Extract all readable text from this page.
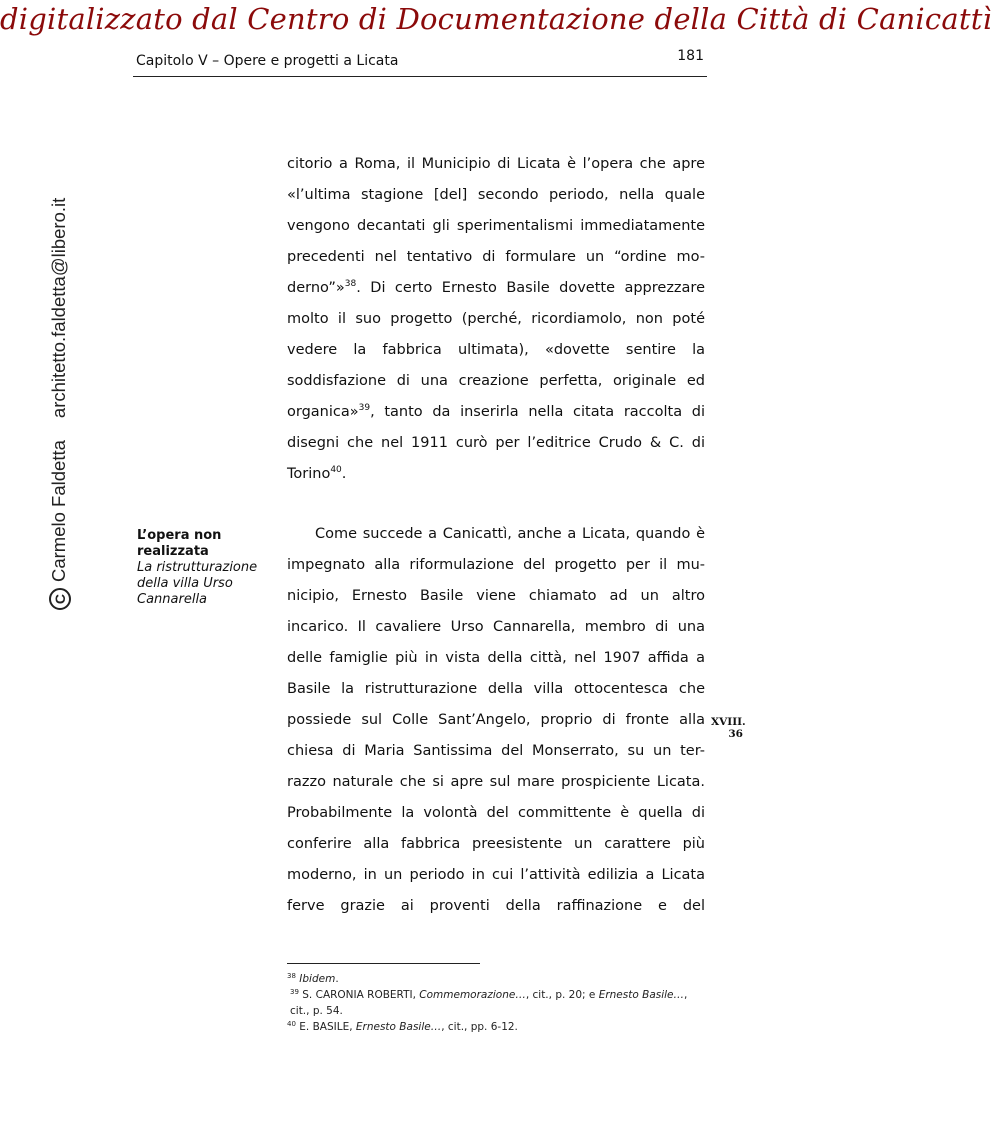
digitalizzato dal Centro di Documentazione della Città di Canicattì
Capitolo V – Opere e progetti a Licata	181
CCarmelo Faldettaarchitetto.faldetta@libero.it
citorio a Roma, il Municipio di Licata è l’opera che apre
«l’ultima stagione [del] secondo periodo, nella quale
vengono decantati gli sperimentalismi immediatamente
precedenti nel tentativo di formulare un “ordine mo-
derno”»$^{38}$. Di certo Ernesto Basile dovette apprezzare
molto il suo progetto (perché, ricordiamolo, non poté
vedere la fabbrica ultimata), «dovette sentire la
soddisfazione di una creazione perfetta, originale ed
organica»$^{39}$, tanto da inserirla nella citata raccolta di
disegni che nel 1911 curò per l’editrice Crudo & C. di
Torino$^{40}$.
L’opera non realizzata
La ristrutturazione della villa Urso Cannarella
Come succede a Canicattì, anche a Licata, quando è
impegnato alla riformulazione del progetto per il mu-
nicipio, Ernesto Basile viene chiamato ad un altro
incarico. Il cavaliere Urso Cannarella, membro di una
delle famiglie più in vista della città, nel 1907 affida a
Basile la ristrutturazione della villa ottocentesca che
possiede sul Colle Sant’Angelo, proprio di fronte alla
chiesa di Maria Santissima del Monserrato, su un ter-
razzo naturale che si apre sul mare prospiciente Licata.
Probabilmente la volontà del committente è quella di
conferire alla fabbrica preesistente un carattere più
moderno, in un periodo in cui l’attività edilizia a Licata
ferve grazie ai proventi della raffinazione e del
XVIII.
36

$^{38}$ Ibidem.

$^{39}$ S. CARONIA ROBERTI, Commemorazione…, cit., p. 20; e Ernesto Basile…, cit., p. 54.

$^{40}$ E. BASILE, Ernesto Basile…, cit., pp. 6-12.
